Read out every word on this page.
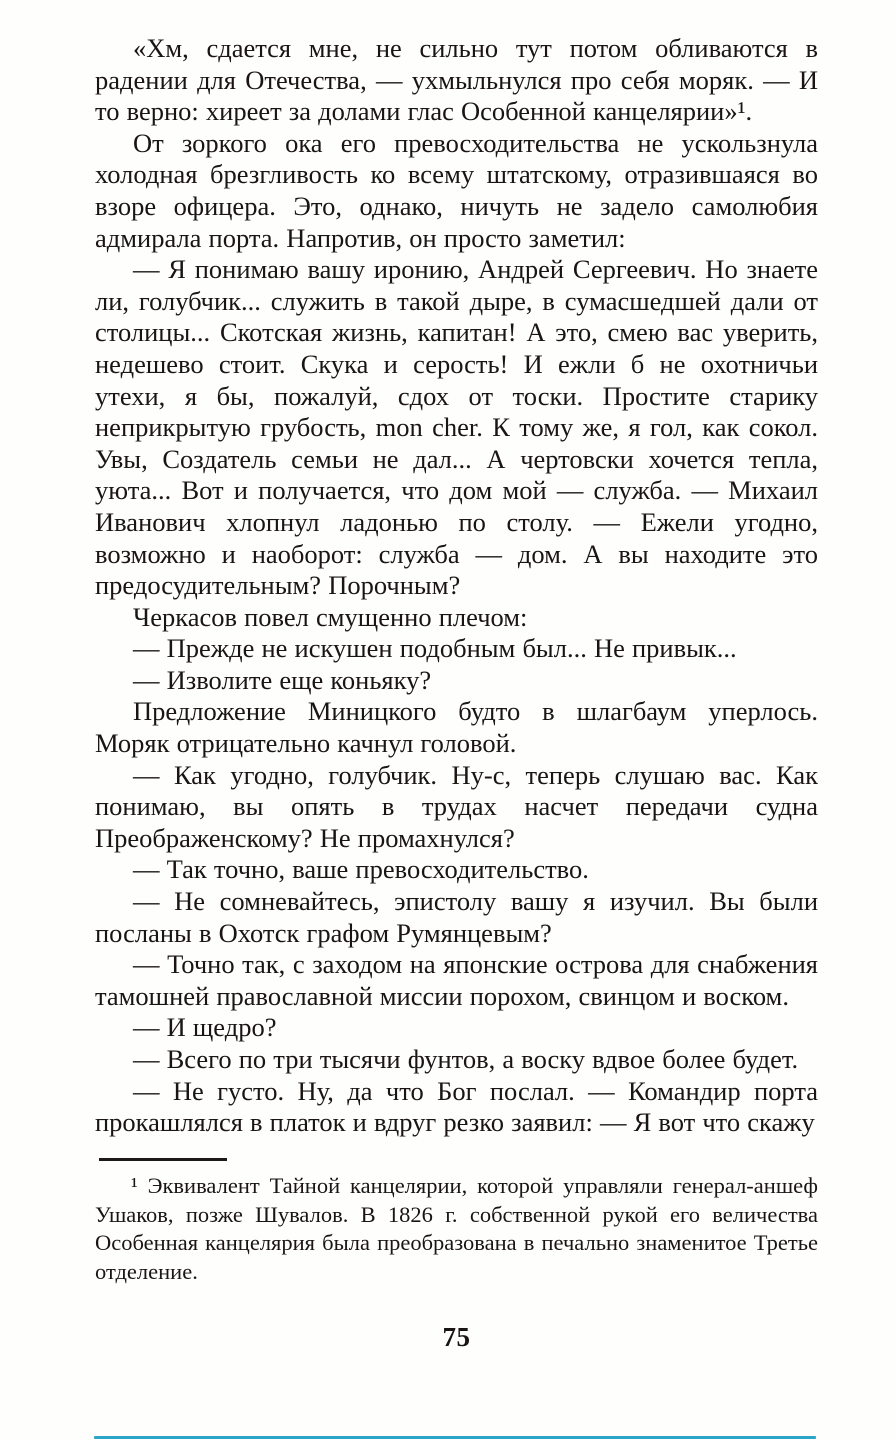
«Хм, сдается мне, не сильно тут потом обливаются в радении для Отечества, — ухмыльнулся про себя моряк. — И то верно: хиреет за долами глас Особенной канцелярии»¹.

От зоркого ока его превосходительства не ускользнула холодная брезгливость ко всему штатскому, отразившаяся во взоре офицера. Это, однако, ничуть не задело самолюбия адмирала порта. Напротив, он просто заметил:

— Я понимаю вашу иронию, Андрей Сергеевич. Но знаете ли, голубчик... служить в такой дыре, в сумасшедшей дали от столицы... Скотская жизнь, капитан! А это, смею вас уверить, недешево стоит. Скука и серость! И ежли б не охотничьи утехи, я бы, пожалуй, сдох от тоски. Простите старику неприкрытую грубость, mon cher. К тому же, я гол, как сокол. Увы, Создатель семьи не дал... А чертовски хочется тепла, уюта... Вот и получается, что дом мой — служба. — Михаил Иванович хлопнул ладонью по столу. — Ежели угодно, возможно и наоборот: служба — дом. А вы находите это предосудительным? Порочным?

Черкасов повел смущенно плечом:

— Прежде не искушен подобным был... Не привык...

— Изволите еще коньяку?

Предложение Миницкого будто в шлагбаум уперлось. Моряк отрицательно качнул головой.

— Как угодно, голубчик. Ну-с, теперь слушаю вас. Как понимаю, вы опять в трудах насчет передачи судна Преображенскому? Не промахнулся?

— Так точно, ваше превосходительство.

— Не сомневайтесь, эпистолу вашу я изучил. Вы были посланы в Охотск графом Румянцевым?

— Точно так, с заходом на японские острова для снабжения тамошней православной миссии порохом, свинцом и воском.

— И щедро?

— Всего по три тысячи фунтов, а воску вдвое более будет.

— Не густо. Ну, да что Бог послал. — Командир порта прокашлялся в платок и вдруг резко заявил: — Я вот что скажу

¹ Эквивалент Тайной канцелярии, которой управляли генерал-аншеф Ушаков, позже Шувалов. В 1826 г. собственной рукой его величества Особенная канцелярия была преобразована в печально знаменитое Третье отделение.
75
